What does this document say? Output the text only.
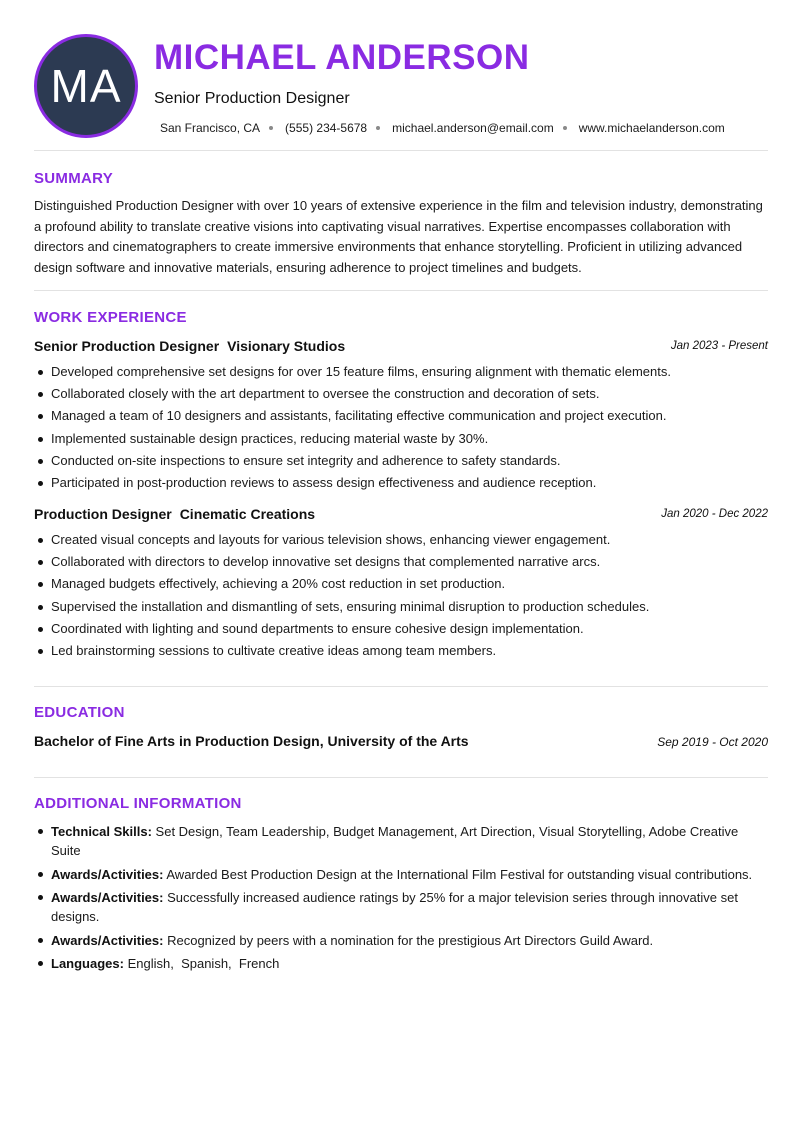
MA
MICHAEL ANDERSON
Senior Production Designer
San Francisco, CA (555) 234-5678 michael.anderson@email.com www.michaelanderson.com
SUMMARY
Distinguished Production Designer with over 10 years of extensive experience in the film and television industry, demonstrating a profound ability to translate creative visions into captivating visual narratives. Expertise encompasses collaboration with directors and cinematographers to create immersive environments that enhance storytelling. Proficient in utilizing advanced design software and innovative materials, ensuring adherence to project timelines and budgets.
WORK EXPERIENCE
Senior Production Designer Visionary Studios	Jan 2023 - Present
Developed comprehensive set designs for over 15 feature films, ensuring alignment with thematic elements.
Collaborated closely with the art department to oversee the construction and decoration of sets.
Managed a team of 10 designers and assistants, facilitating effective communication and project execution.
Implemented sustainable design practices, reducing material waste by 30%.
Conducted on-site inspections to ensure set integrity and adherence to safety standards.
Participated in post-production reviews to assess design effectiveness and audience reception.
Production Designer Cinematic Creations	Jan 2020 - Dec 2022
Created visual concepts and layouts for various television shows, enhancing viewer engagement.
Collaborated with directors to develop innovative set designs that complemented narrative arcs.
Managed budgets effectively, achieving a 20% cost reduction in set production.
Supervised the installation and dismantling of sets, ensuring minimal disruption to production schedules.
Coordinated with lighting and sound departments to ensure cohesive design implementation.
Led brainstorming sessions to cultivate creative ideas among team members.
EDUCATION
Bachelor of Fine Arts in Production Design, University of the Arts	Sep 2019 - Oct 2020
ADDITIONAL INFORMATION
Technical Skills: Set Design, Team Leadership, Budget Management, Art Direction, Visual Storytelling, Adobe Creative Suite
Awards/Activities: Awarded Best Production Design at the International Film Festival for outstanding visual contributions.
Awards/Activities: Successfully increased audience ratings by 25% for a major television series through innovative set designs.
Awards/Activities: Recognized by peers with a nomination for the prestigious Art Directors Guild Award.
Languages: English,  Spanish,  French
